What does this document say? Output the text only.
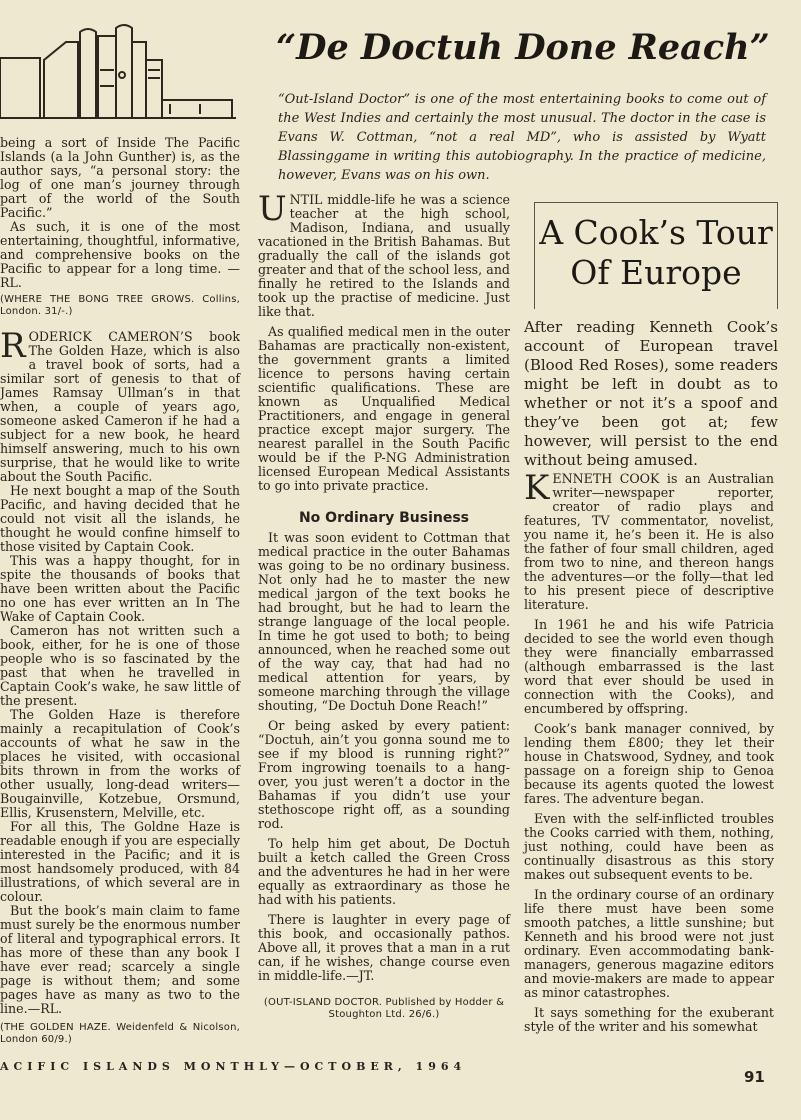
“De Doctuh Done Reach”
“Out-Island Doctor” is one of the most entertaining books to come out of the West Indies and certainly the most unusual. The doctor in the case is Evans W. Cottman, “not a real MD”, who is assisted by Wyatt Blassinggame in writing this autobiography. In the practice of medicine, however, Evans was on his own.

being a sort of Inside The Pacific Islands (a la John Gunther) is, as the author says, “a personal story: the log of one man’s journey through part of the world of the South Pacific.”

As such, it is one of the most entertaining, thoughtful, informative, and comprehensive books on the Pacific to appear for a long time. —RL.

(WHERE THE BONG TREE GROWS. Collins, London. 31/-.)

RODERICK CAMERON’S book The Golden Haze, which is also a travel book of sorts, had a similar sort of genesis to that of James Ramsay Ullman’s in that when, a couple of years ago, someone asked Cameron if he had a subject for a new book, he heard himself answering, much to his own surprise, that he would like to write about the South Pacific.

He next bought a map of the South Pacific, and having decided that he could not visit all the islands, he thought he would confine himself to those visited by Captain Cook.

This was a happy thought, for in spite the thousands of books that have been written about the Pacific no one has ever written an In The Wake of Captain Cook.

Cameron has not written such a book, either, for he is one of those people who is so fascinated by the past that when he travelled in Captain Cook’s wake, he saw little of the present.

The Golden Haze is therefore mainly a recapitulation of Cook’s accounts of what he saw in the places he visited, with occasional bits thrown in from the works of other usually, long-dead writers—Bougainville, Kotzebue, Orsmund, Ellis, Krusenstern, Melville, etc.

For all this, The Goldne Haze is readable enough if you are especially interested in the Pacific; and it is most handsomely produced, with 84 illustrations, of which several are in colour.

But the book’s main claim to fame must surely be the enormous number of literal and typographical errors. It has more of these than any book I have ever read; scarcely a single page is without them; and some pages have as many as two to the line.—RL.

(THE GOLDEN HAZE. Weidenfeld & Nicolson, London 60/9.)

UNTIL middle-life he was a science teacher at the high school, Madison, Indiana, and usually vacationed in the British Bahamas. But gradually the call of the islands got greater and that of the school less, and finally he retired to the Islands and took up the practise of medicine. Just like that.

As qualified medical men in the outer Bahamas are practically non-existent, the government grants a limited licence to persons having certain scientific qualifications. These are known as Unqualified Medical Practitioners, and engage in general practice except major surgery. The nearest parallel in the South Pacific would be if the P-NG Administration licensed European Medical Assistants to go into private practice.

No Ordinary Business

It was soon evident to Cottman that medical practice in the outer Bahamas was going to be no ordinary business. Not only had he to master the new medical jargon of the text books he had brought, but he had to learn the strange language of the local people. In time he got used to both; to being announced, when he reached some out of the way cay, that had had no medical attention for years, by someone marching through the village shouting, “De Doctuh Done Reach!”

Or being asked by every patient: “Doctuh, ain’t you gonna sound me to see if my blood is running right?” From ingrowing toenails to a hang-over, you just weren’t a doctor in the Bahamas if you didn’t use your stethoscope right off, as a sounding rod.

To help him get about, De Doctuh built a ketch called the Green Cross and the adventures he had in her were equally as extraordinary as those he had with his patients.

There is laughter in every page of this book, and occasionally pathos. Above all, it proves that a man in a rut can, if he wishes, change course even in middle-life.—JT.

(OUT-ISLAND DOCTOR. Published by Hodder & Stoughton Ltd. 26/6.)
A Cook’s Tour
Of Europe
After reading Kenneth Cook’s account of European travel (Blood Red Roses), some readers might be left in doubt as to whether or not it’s a spoof and they’ve been got at; few however, will persist to the end without being amused.

KENNETH COOK is an Australian writer—newspaper reporter, creator of radio plays and features, TV commentator, novelist, you name it, he’s been it. He is also the father of four small children, aged from two to nine, and thereon hangs the adventures—or the folly—that led to his present piece of descriptive literature.

In 1961 he and his wife Patricia decided to see the world even though they were financially embarrassed (although embarrassed is the last word that ever should be used in connection with the Cooks), and encumbered by offspring.

Cook’s bank manager connived, by lending them £800; they let their house in Chatswood, Sydney, and took passage on a foreign ship to Genoa because its agents quoted the lowest fares. The adventure began.

Even with the self-inflicted troubles the Cooks carried with them, nothing, just nothing, could have been as continually disastrous as this story makes out subsequent events to be.

In the ordinary course of an ordinary life there must have been some smooth patches, a little sunshine; but Kenneth and his brood were not just ordinary. Even accommodating bank-managers, generous magazine editors and movie-makers are made to appear as minor catastrophes.

It says something for the exuberant style of the writer and his somewhat

ACIFIC ISLANDS MONTHLY—OCTOBER, 1964
91
